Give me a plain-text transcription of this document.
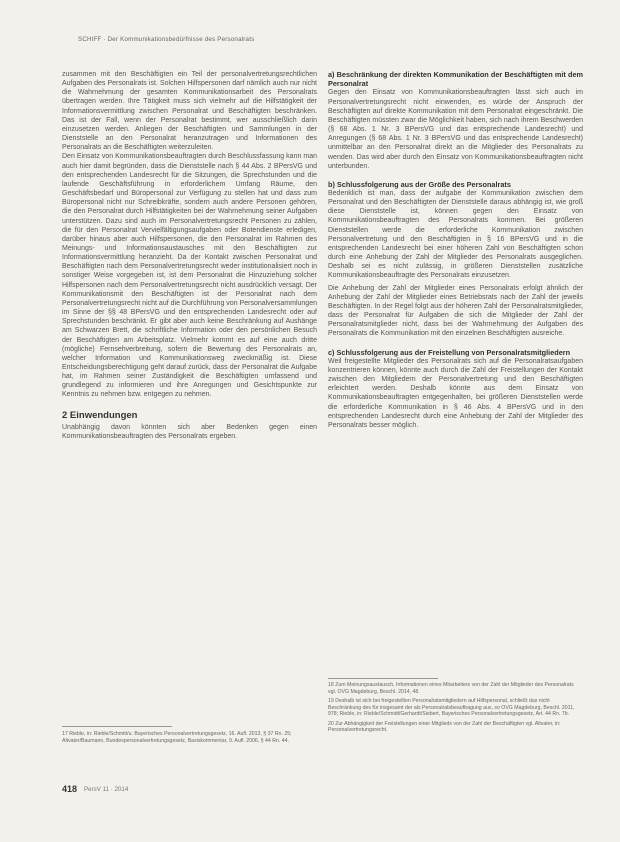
SCHIFF · Der Kommunikationsbedürfnisse des Personalrats

zusammen mit den Beschäftigten ein Teil der personalvertretungsrechtlichen Aufgaben des Personalrats ist. Solchen Hilfspersonen darf nämlich auch nur nicht die Wahrnehmung der gesamten Kommunikationsarbeit des Personalrats übertragen werden. Ihre Tätigkeit muss sich vielmehr auf die Hilfstätigkeit der Informationsvermittlung zwischen Personalrat und Beschäftigten beschränken. Das ist der Fall, wenn der Personalrat bestimmt, wer ausschließlich darin einzusetzen werden. Anliegen der Beschäftigten und Sammlungen in der Dienststelle an den Personalrat heranzutragen und Informationen des Personalrats an die Beschäftigten weiterzuleiten.

Den Einsatz von Kommunikationsbeauftragten durch Beschlussfassung kann man auch hier damit begründen, dass die Dienststelle nach § 44 Abs. 2 BPersVG und den entsprechenden Landesrecht für die Sitzungen, die Sprechstunden und die laufende Geschäftsführung in erforderlichem Umfang Räume, den Geschäftsbedarf und Büropersonal zur Verfügung zu stellen hat und dass zum Büropersonal nicht nur Schreibkräfte, sondern auch andere Personen gehören, die den Personalrat durch Hilfstätigkeiten bei der Wahrnehmung seiner Aufgaben unterstützen. Dazu sind auch im Personalvertretungsrecht Personen zu zählen, die für den Personalrat Vervielfältigungsaufgaben oder Botendienste erledigen, darüber hinaus aber auch Hilfspersonen, die den Personalrat im Rahmen des Meinungs- und Informationsaustausches mit den Beschäftigten zur Informationsvermittlung heranzieht. Da der Kontakt zwischen Personalrat und Beschäftigten nach dem Personalvertretungsrecht weder institutionalisiert noch in sonstiger Weise vorgegeben ist, ist dem Personalrat die Hinzuziehung solcher Hilfspersonen nach dem Personalvertretungsrecht nicht ausdrücklich versagt. Der Kommunikationsmit den Beschäftigten ist der Personalrat nach dem Personalvertretungsrecht nicht auf die Durchführung von Personalversammlungen im Sinne der §§ 48 BPersVG und den entsprechenden Landesrecht oder auf Sprechstunden beschränkt. Er gibt aber auch keine Beschränkung auf Aushänge am Schwarzen Brett, die schriftliche Information oder den persönlichen Besuch der Beschäftigten am Arbeitsplatz. Vielmehr kommt es auf eine auch dritte (mögliche) Fernsehverbreitung, sofern die Bewertung des Personalrats an, welcher Information und Kommunikationsweg zweckmäßig ist. Diese Entscheidungsberechtigung geht darauf zurück, dass der Personalrat die Aufgabe hat, im Rahmen seiner Zuständigkeit die Beschäftigten umfassend und grundlegend zu informieren und ihre Anregungen und Gesichtspunkte zur Kenntnis zu nehmen bzw. entgegen zu nehmen.

2 Einwendungen

Unabhängig davon könnten sich aber Bedenken gegen einen Kommunikationsbeauftragten des Personalrats ergeben.

a) Beschränkung der direkten Kommunikation der Beschäftigten mit dem Personalrat

Gegen den Einsatz von Kommunikationsbeauftragten lässt sich auch im Personalvertretungsrecht nicht einwenden, es würde der Anspruch der Beschäftigten auf direkte Kommunikation mit dem Personalrat eingeschränkt. Die Beschäftigten müssten zwar die Möglichkeit haben, sich nach ihrem Beschwerden (§ 68 Abs. 1 Nr. 3 BPersVG und das entsprechende Landesrecht) und Anregungen (§ 68 Abs. 1 Nr. 3 BPersVG und das entsprechende Landesrecht) unmittelbar an den Personalrat direkt an die Mitglieder des Personalrats zu wenden. Das wird aber durch den Einsatz von Kommunikationsbeauftragten nicht unterbunden.

b) Schlussfolgerung aus der Größe des Personalrats

Bedenklich ist man, dass der aufgabe der Kommunikation zwischen dem Personalrat und den Beschäftigten der Dienststelle daraus abhängig ist, wie groß diese Dienststelle ist, können gegen den Einsatz von Kommunikationsbeauftragten des Personalrats kommen. Bei größeren Dienststellen werde die erforderliche Kommunikation zwischen Personalvertretung und den Beschäftigten in § 16 BPersVG und in die entsprechenden Landesrecht bei einer höheren Zahl von Beschäftigten schon durch eine Anhebung der Zahl der Mitglieder des Personalrats ausgeglichen. Deshalb sei es nicht zulässig, in größeren Dienststellen zusätzliche Kommunikationsbeauftragte des Personalrats einzusetzen.

Die Anhebung der Zahl der Mitglieder eines Personalrats erfolgt ähnlich der Anhebung der Zahl der Mitglieder eines Betriebsrats nach der Zahl der jeweils Beschäftigten. In der Regel folgt aus der höheren Zahl der Personalratsmitglieder, dass der Personalrat für Aufgaben die sich die Mitglieder der Zahl der Personalratsmitglieder nicht, dass bei der Wahrnehmung der Aufgaben des Personalrats die Kommunikation mit den einzelnen Beschäftigten ausreiche.

c) Schlussfolgerung aus der Freistellung von Personalratsmitgliedern

Weil freigestellte Mitglieder des Personalrats sich auf die Personalratsaufgaben konzentrieren können, könnte auch durch die Zahl der Freistellungen der Kontakt zwischen den Mitgliedern der Personalvertretung und den Beschäftigten erleichtert werden. Deshalb könnte aus dem Einsatz von Kommunikationsbeauftragten entgegenhalten, bei größeren Dienststellen werde die erforderliche Kommunikation in § 46 Abs. 4 BPersVG und in den entsprechenden Landesrecht durch eine Anhebung der Zahl der Mitglieder des Personalrats besser möglich.

17 Rieble, in: Rieble/Schmitt/u. Bayerisches Personalvertretungsgesetz, 16. Aufl. 2013, § 37 Rn. 25; Altvater/Baumann, Bundespersonalvertretungsgesetz, Basiskommentar, 9. Aufl. 2006, § 44 Rn. 44.
18 Zum Meinungsaustausch, Informationen eines Mitarbeiters von der Zahl der Mitglieder des Personalrats vgl. OVG Magdeburg, Beschl. 2014, 48.
19 Deshalb ist sich bei freigestellten Personalratsmitgliedern auf Hilfspersonal, schließt das nicht Beschränkung des für insgesamt der als Personalratsbeauftragung aus, so OVG Magdeburg, Beschl. 2011, 978; Rieble, in: Rieble/Schmidt/Gerhardt/Siebert, Bayerisches Personalvertretungsgesetz, Art. 44 Rn. 7b.
20 Zur Abhängigkeit der Freistellungen einer Mitglieds von der Zahl der Beschäftigten vgl. Altvater, in: Personalvertretungsrecht.
418 PersV 11 · 2014
